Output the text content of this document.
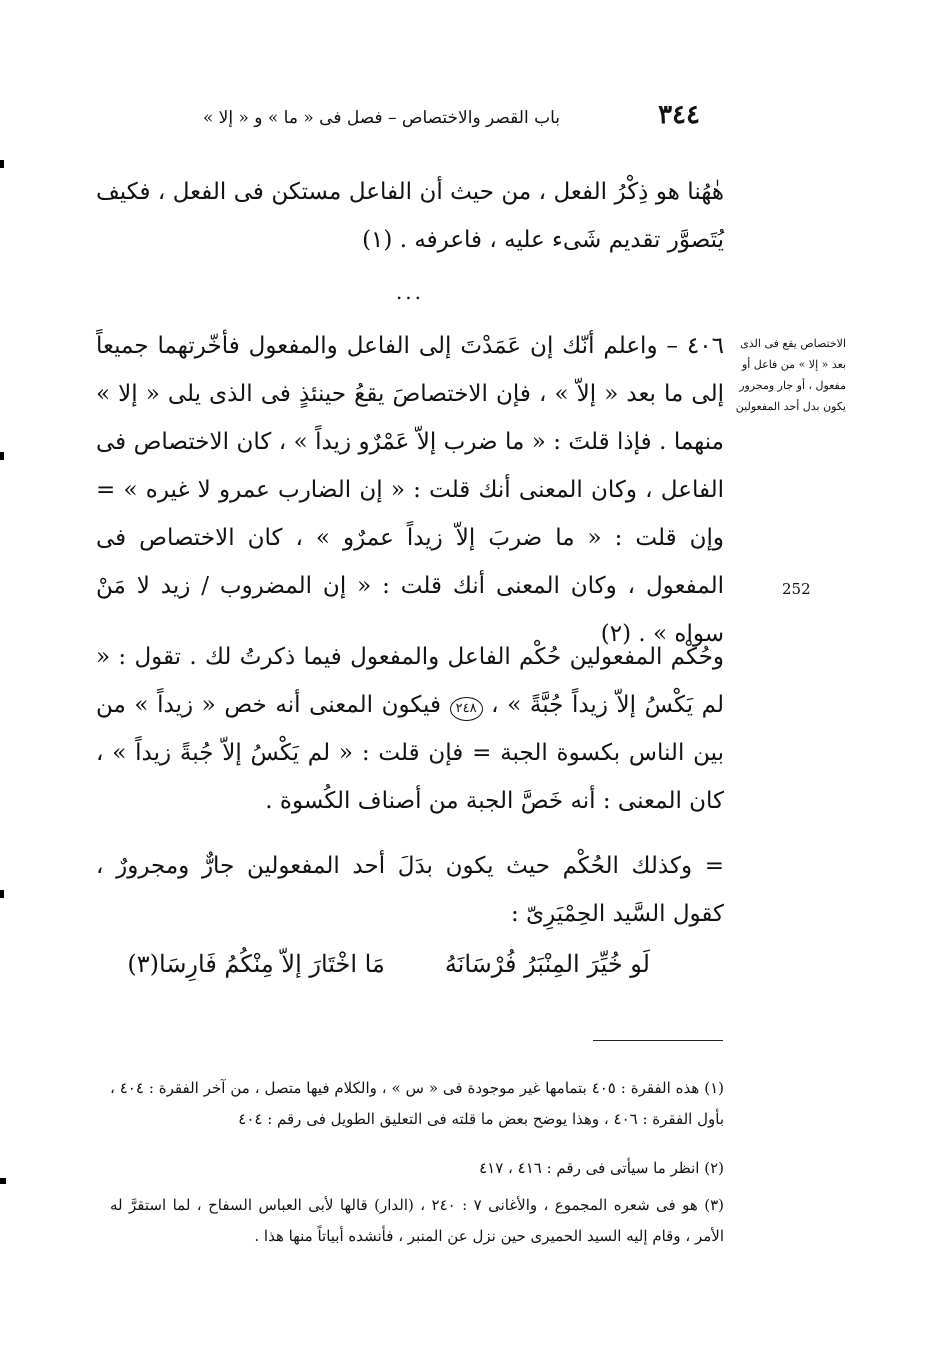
٣٤٤
باب القصر والاختصاص – فصل فى « ما » و « إلا »
هٰهُنا هو ذِكْرُ الفعل ، من حيث أن الفاعل مستكن فى الفعل ، فكيف يُتَصوَّر تقديم شَىء عليه ، فاعرفه . (١)
...
٤٠٦ – واعلم أنّك إن عَمَدْتَ إلى الفاعل والمفعول فأخّرتهما جميعاً إلى ما بعد « إلاّ » ، فإن الاختصاصَ يقعُ حينئذٍ فى الذى يلى « إلا » منهما . فإذا قلتَ : « ما ضرب إلاّ عَمْرٌو زيداً » ، كان الاختصاص فى الفاعل ، وكان المعنى أنك قلت : « إن الضارب عمرو لا غيره » = وإن قلت : « ما ضربَ إلاّ زيداً عمرٌو » ، كان الاختصاص فى المفعول ، وكان المعنى أنك قلت : « إن المضروب / زيد لا مَنْ سواه » . (٢)
وحُكْم المفعولين حُكْم الفاعل والمفعول فيما ذكرتُ لك . تقول : « لم يَكْسُ إلاّ زيداً جُبَّةً » ، ٢٤٨ فيكون المعنى أنه خص « زيداً » من بين الناس بكسوة الجبة = فإن قلت : « لم يَكْسُ إلاّ جُبةً زيداً » ، كان المعنى : أنه خَصَّ الجبة من أصناف الكُسوة .
= وكذلك الحُكْم حيث يكون بدَلَ أحد المفعولين جارٌّ ومجرورٌ ، كقول السَّيد الحِمْيَرِىّ :
لَو خُيِّرَ المِنْبَرُ فُرْسَانَهُمَا اخْتَارَ إلاّ مِنْكُمُ فَارِسَا(٣)
الاختصاص يقع فى الذى بعد « إلا » من فاعل أو مفعول ، أو جار ومجرور يكون بدل أحد المفعولين
252
(١) هذه الفقرة : ٤٠٥ بتمامها غير موجودة فى « س » ، والكلام فيها متصل ، من آخر الفقرة : ٤٠٤ ، بأول الفقرة : ٤٠٦ ، وهذا يوضح بعض ما قلته فى التعليق الطويل فى رقم : ٤٠٤
(٢) انظر ما سيأتى فى رقم : ٤١٦ ، ٤١٧
(٣) هو فى شعره المجموع ، والأغانى ٧ : ٢٤٠ ، (الدار) قالها لأبى العباس السفاح ، لما استقرَّ له الأمر ، وقام إليه السيد الحميرى حين نزل عن المنبر ، فأنشده أبياتاً منها هذا .
